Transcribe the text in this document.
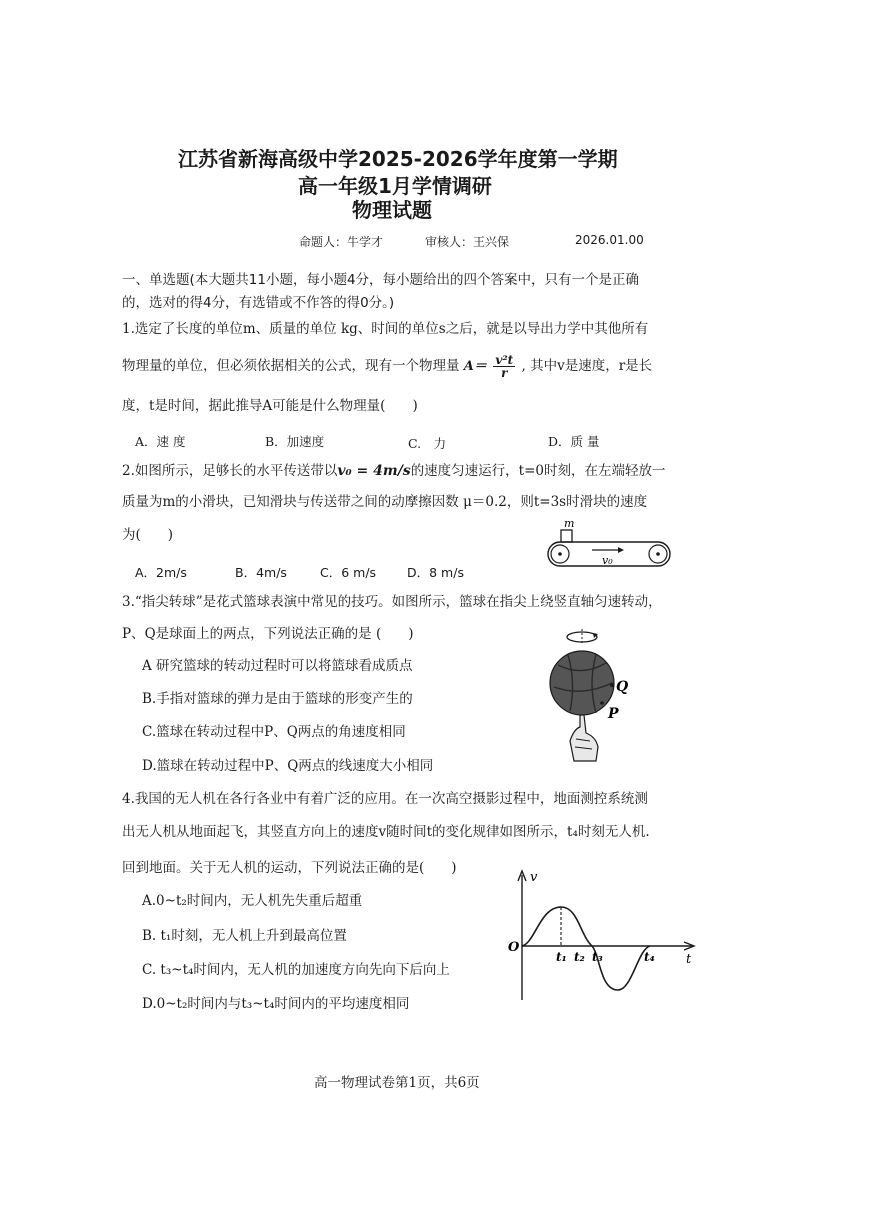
江苏省新海高级中学2025-2026学年度第一学期
高一年级1月学情调研
物理试题
命题人：牛学才	审核人：王兴保	2026.01.00
一、单选题(本大题共11小题，每小题4分，每小题给出的四个答案中，只有一个是正确
的，选对的得4分，有选错或不作答的得0分。)
1.选定了长度的单位m、质量的单位 kg、时间的单位s之后，就是以导出力学中其他所有
物理量的单位，但必须依据相关的公式，现有一个物理量 $A= \frac{\text{v²t}}{r}$ , 其中v是速度，r是长
度，t是时间，据此推导A可能是什么物理量(　　)
A．速 度	B．加速度	C.　力	D．质 量
2.如图所示，足够长的水平传送带以v₀ = 4m/s的速度匀速运行，t=0时刻，在左端轻放一
质量为m的小滑块，已知滑块与传送带之间的动摩擦因数 μ＝0.2，则t=3s时滑块的速度
为(　　)
A．2m/s	B．4m/s	C．6 m/s D．8 m/s
m
v₀
3.“指尖转球”是花式篮球表演中常见的技巧。如图所示，篮球在指尖上绕竖直轴匀速转动，
P、Q是球面上的两点，下列说法正确的是 (　　)
A 研究篮球的转动过程时可以将篮球看成质点
B.手指对篮球的弹力是由于篮球的形变产生的
C.篮球在转动过程中P、Q两点的角速度相同
D.篮球在转动过程中P、Q两点的线速度大小相同
Q
P
4.我国的无人机在各行各业中有着广泛的应用。在一次高空摄影过程中，地面测控系统测
出无人机从地面起飞，其竖直方向上的速度v随时间t的变化规律如图所示，t₄时刻无人机.
回到地面。关于无人机的运动，下列说法正确的是(　　)
A.0~t₂时间内，无人机先失重后超重
B. t₁时刻，无人机上升到最高位置
C. t₃~t₄时间内，无人机的加速度方向先向下后向上
D.0~t₂时间内与t₃~t₄时间内的平均速度相同
v
t
O
t₁ t₂ t₃	t₄
高一物理试卷第1页，共6页
